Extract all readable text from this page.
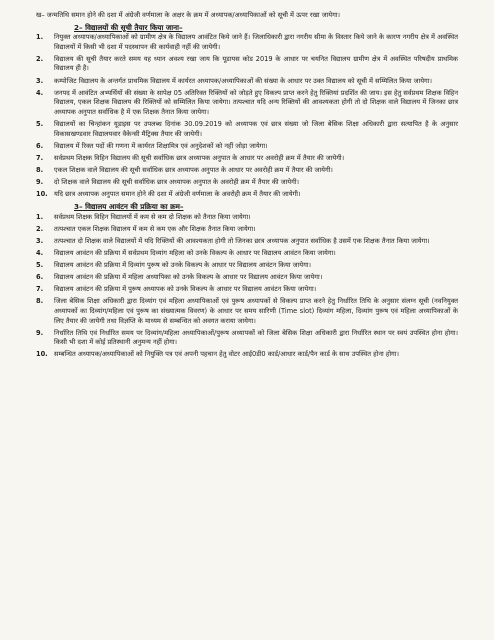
ख– जन्मतिथि समान होने की दशा में अंग्रेजी वर्णमाला के अक्षर के क्रम में अध्यापक/अध्यापिकाओं को सूची में ऊपर रखा जायेगा।
2– विद्यालयों की सूची तैयार किया जाना–
1.	नियुक्त अध्यापक/अध्यापिकाओं को ग्रामीण क्षेत्र के विद्यालय आवंटित किये जाने हैं। जिलाधिकारी द्वारा नगरीय सीमा के विस्तार किये जाने के कारण नगरीय क्षेत्र में अवस्थित विद्यालयों में किसी भी दशा में पदस्थापन की कार्यवाही नहीं की जायेगी।
2.	विद्यालय की सूची तैयार करते समय यह ध्यान अवश्य रखा जाय कि यूडायस कोड 2019 के आधार पर चयनित विद्यालय ग्रामीण क्षेत्र में अवस्थित परिषदीय प्राथमिक विद्यालय ही है।
3.	कम्पोजिट विद्यालय के अन्तर्गत प्राथमिक विद्यालय में कार्यरत अध्यापक/अध्यापिकाओं की संख्या के आधार पर उक्त विद्यालय को सूची में सम्मिलित किया जायेगा।
4.	जनपद में आवंटित अभ्यर्थियों की संख्या के सापेक्ष 05 अतिरिक्त रिक्तियों को जोड़ते हुए विकल्प प्राप्त करने हेतु रिक्तियां प्रदर्शित की जाय। इस हेतु सर्वप्रथम शिक्षक विहिन विद्यालय, एकल शिक्षक विद्यालय की रिक्तियों को सम्मिलित किया जायेगा। तत्पश्चात यदि अन्य रिक्तियों की आवश्यकता होगी तो दो शिक्षक वाले विद्यालय में जिनका छात्र अध्यापक अनुपात सर्वाधिक है में एक शिक्षक तैनात किया जायेगा।
5.	विद्यालयों का चिन्हांकन यूडाइस पर उपलब्ध दिनांक 30.09.2019 को अध्यापक एवं छात्र संख्या जो जिला बेसिक शिक्षा अधिकारी द्वारा सत्यापित है के अनुसार विकासखण्डवार विद्यालयवार वैकेन्सी मैट्रिक्स तैयार की जायेगी।
6.	विद्यालय में रिक्त पदों की गणना में कार्यरत शिक्षामित्र एवं अनुदेशकों को नहीं जोड़ा जायेगा।
7.	सर्वप्रथम शिक्षक विहिन विद्यालय की सूची सर्वाधिक छात्र अध्यापक अनुपात के आधार पर अवरोही क्रम में तैयार की जायेगी।
8.	एकल शिक्षक वाले विद्यालय की सूची सर्वाधिक छात्र अध्यापक अनुपात के आधार पर अवरोही क्रम में तैयार की जायेगी।
9.	दो शिक्षक वाले विद्यालय की सूची सर्वाधिक छात्र अध्यापक अनुपात के अवरोही क्रम में तैयार की जायेगी।
10. यदि छात्र अध्यापक अनुपात समान होने की दशा में अंग्रेजी वर्णमाला के अवरोही क्रम में तैयार की जायेगी।
3– विद्यालय आवंटन की प्रक्रिया का क्रम–
1.	सर्वप्रथम शिक्षक विहिन विद्यालयों में कम से कम दो शिक्षक को तैनात किया जायेगा।
2.	तत्पश्चात एकल शिक्षक विद्यालय में कम से कम एक और शिक्षक तैनात किया जायेगा।
3.	तत्पश्चात दो शिक्षक वाले विद्यालयों में यदि रिक्तियों की आवश्यकता होगी तो जिनका छात्र अध्यापक अनुपात सर्वाधिक है उसमें एक शिक्षक तैनात किया जायेगा।
4.	विद्यालय आवंटन की प्रक्रिया में सर्वप्रथम दिव्यांग महिला को उनके विकल्प के आधार पर विद्यालय आवंटन किया जायेगा।
5.	विद्यालय आवंटन की प्रक्रिया में दिव्यांग पुरूष को उनके विकल्प के आधार पर विद्यालय आवंटन किया जायेगा।
6.	विद्यालय आवंटन की प्रक्रिया में महिला अध्यापिका को उनके विकल्प के आधार पर विद्यालय आवंटन किया जायेगा।
7.	विद्यालय आवंटन की प्रक्रिया में पुरूष अध्यापक को उनके विकल्प के आधार पर विद्यालय आवंटन किया जायेगा।
8.	जिला बेसिक शिक्षा अधिकारी द्वारा दिव्यांग एवं महिला अध्यापिकाओं एवं पुरूष अध्यापकों से विकल्प प्राप्त करने हेतु निर्धारित तिथि के अनुसार संलग्न सूची (नवनियुक्त अध्यापकों का दिव्यांग/महिला एवं पुरूष का संख्यात्मक विवरण) के आधार पर समय सारिणी (Time slot) दिव्यांग महिला, दिव्यांग पुरूष एवं महिला अध्यापिकाओं के लिए तैयार की जायेगी तथा विज्ञप्ति के माध्यम से सम्बन्धित को अवगत कराया जायेगा।
9.	निर्धारित तिथि एवं निर्धारित समय पर दिव्यांग/महिला अध्यापिकाओं/पुरूष अध्यापकों को जिला बेसिक शिक्षा अधिकारी द्वारा निर्धारित स्थान पर स्वयं उपस्थित होना होगा। किसी भी दशा में कोई प्रतिस्थानी अनुमन्य नहीं होगा।
10. सम्बन्धित अध्यापक/अध्यापिकाओं को नियुक्ति पत्र एवं अपनी पहचान हेतु वोटर आई0डी0 कार्ड/आधार कार्ड/पैन कार्ड के साथ उपस्थित होना होगा।
